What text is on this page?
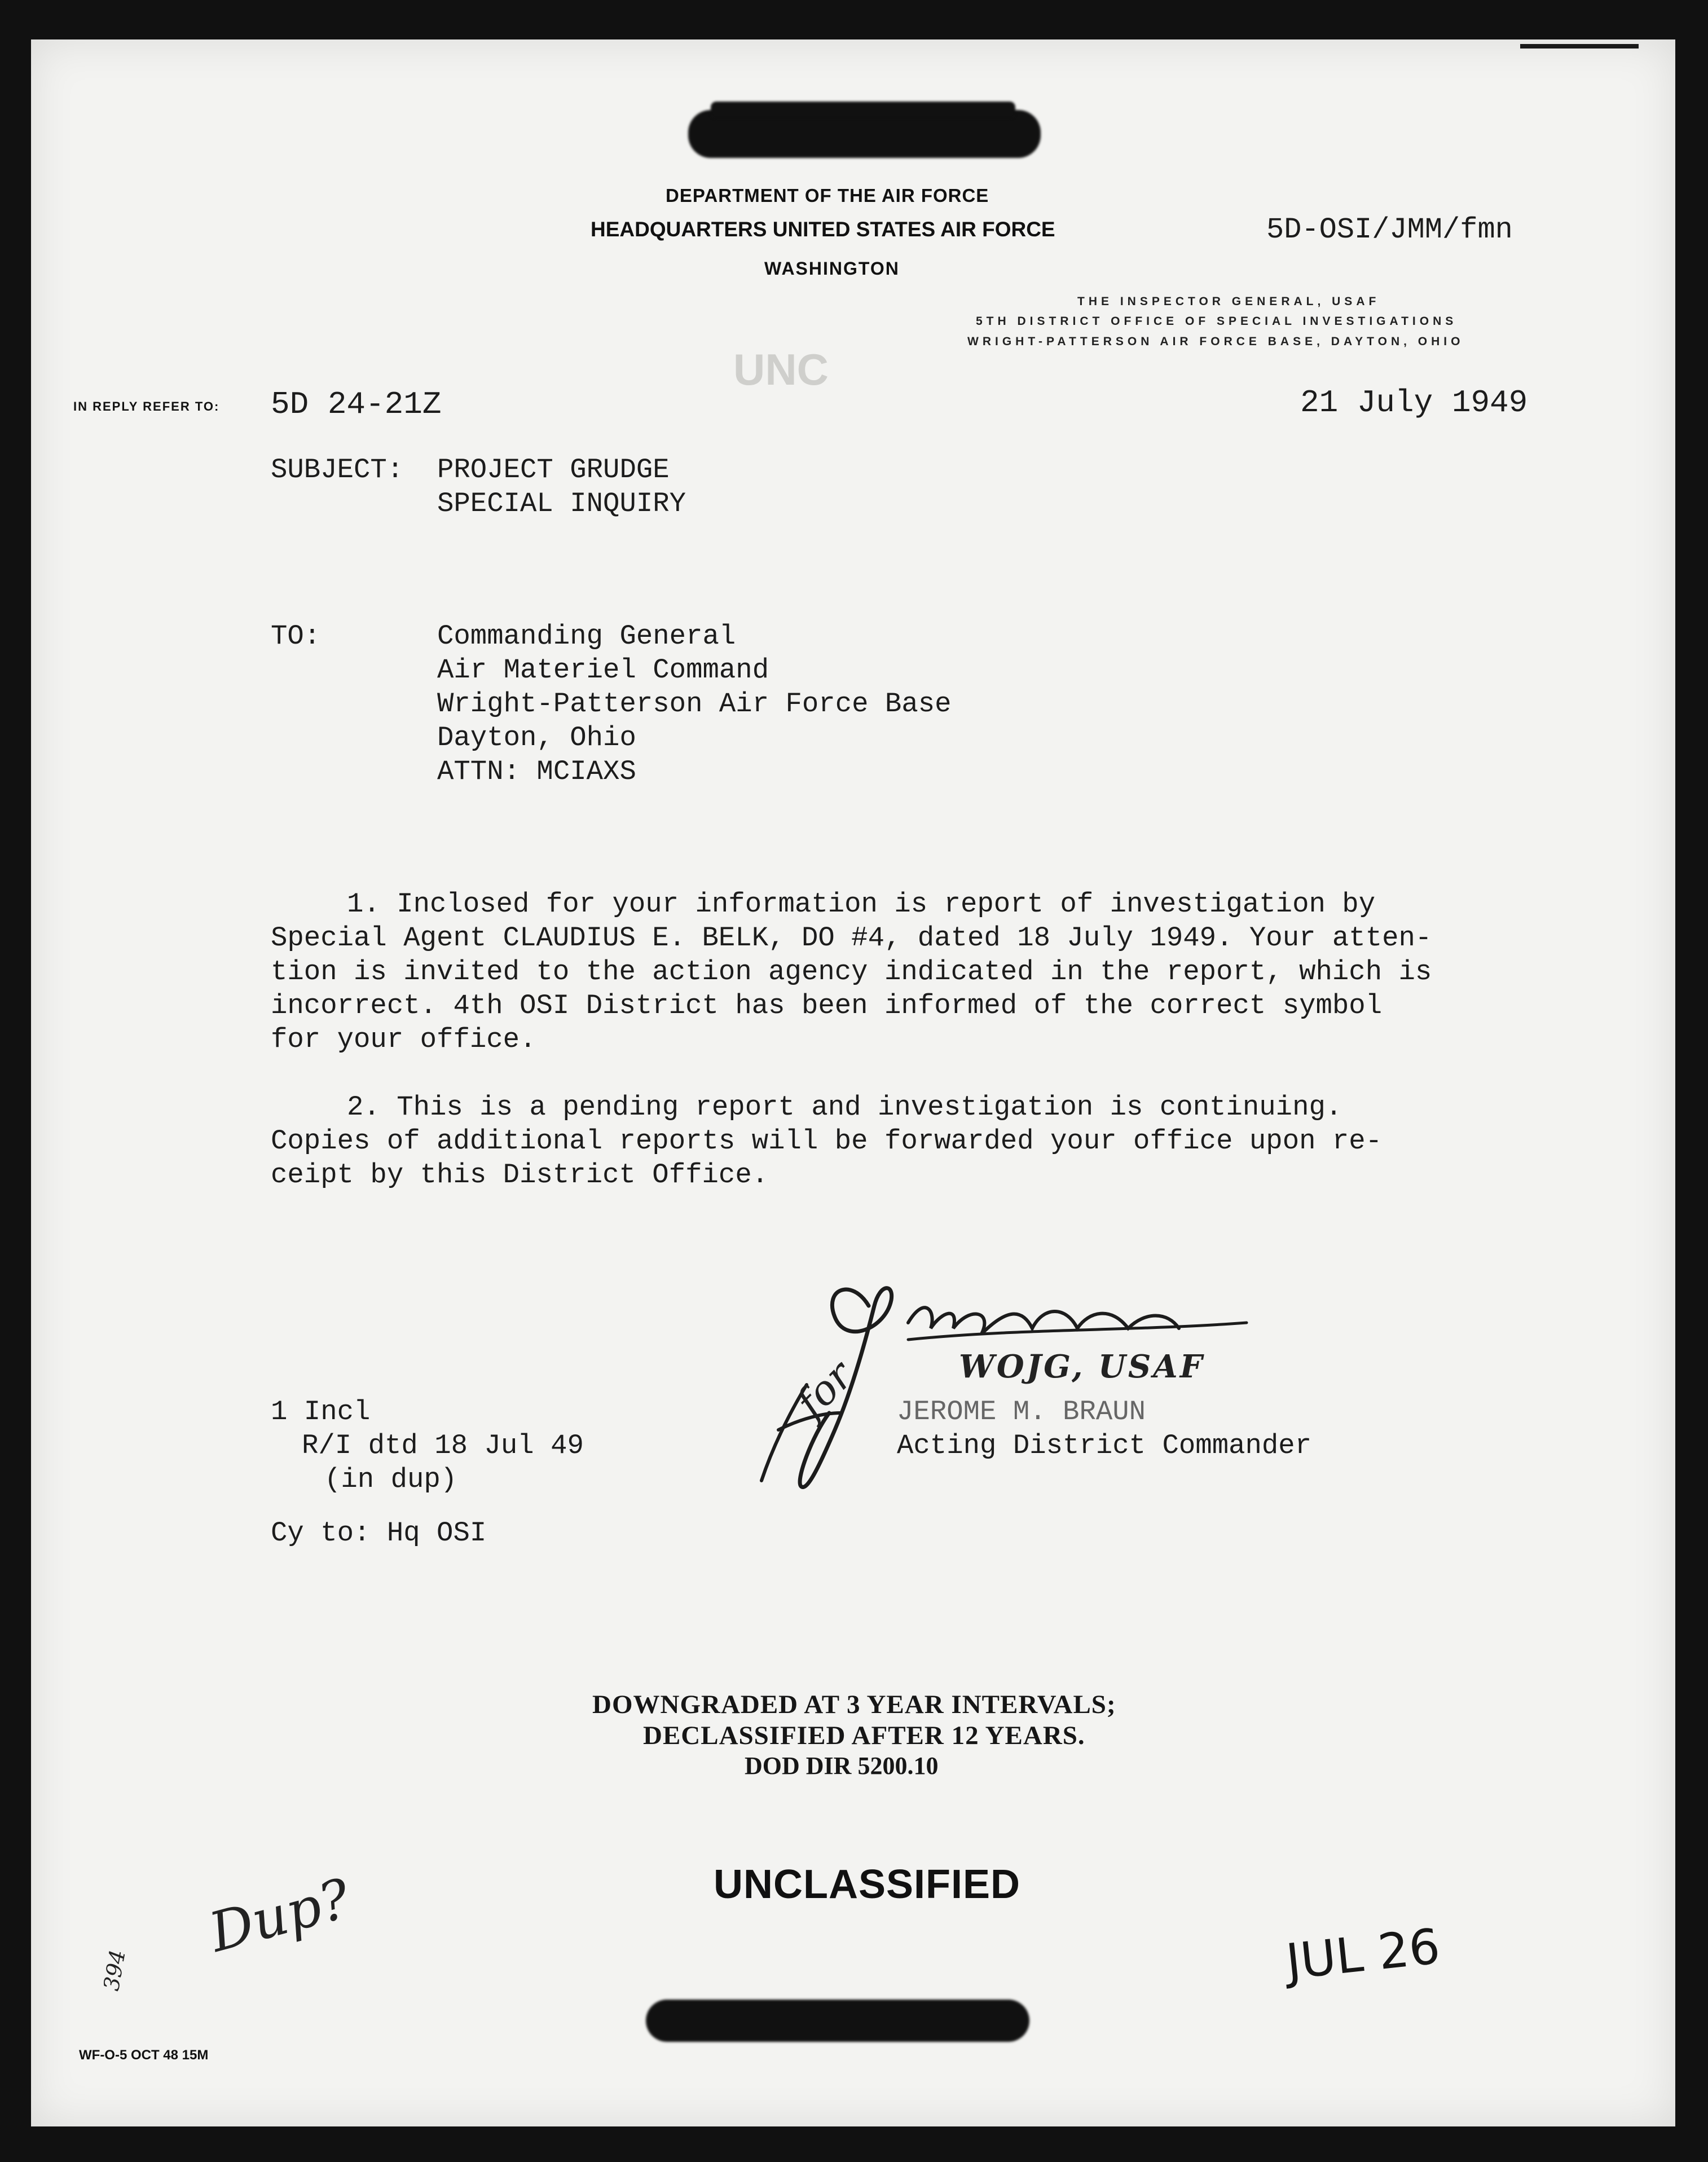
DEPARTMENT OF THE AIR FORCE
HEADQUARTERS UNITED STATES AIR FORCE
WASHINGTON
5D-OSI/JMM/fmn
THE INSPECTOR GENERAL, USAF
5TH DISTRICT OFFICE OF SPECIAL INVESTIGATIONS
WRIGHT-PATTERSON AIR FORCE BASE, DAYTON, OHIO
UNC
IN REPLY REFER TO: 5D 24-21Z	21 July 1949
SUBJECT: PROJECT GRUDGE
SPECIAL INQUIRY
TO:	Commanding General
Air Materiel Command
Wright-Patterson Air Force Base
Dayton, Ohio
ATTN: MCIAXS
1. Inclosed for your information is report of investigation by
Special Agent CLAUDIUS E. BELK, DO #4, dated 18 July 1949. Your atten-
tion is invited to the action agency indicated in the report, which is
incorrect. 4th OSI District has been informed of the correct symbol
for your office.
2. This is a pending report and investigation is continuing.
Copies of additional reports will be forwarded your office upon re-
ceipt by this District Office.
WOJG, USAF
for JEROME M. BRAUN
Acting District Commander
1 Incl
R/I dtd 18 Jul 49
(in dup)
Cy to: Hq OSI
DOWNGRADED AT 3 YEAR INTERVALS;
DECLASSIFIED AFTER 12 YEARS.
DOD DIR 5200.10
UNCLASSIFIED
JUL 26
Dup?
394
WF-O-5 OCT 48 15M
